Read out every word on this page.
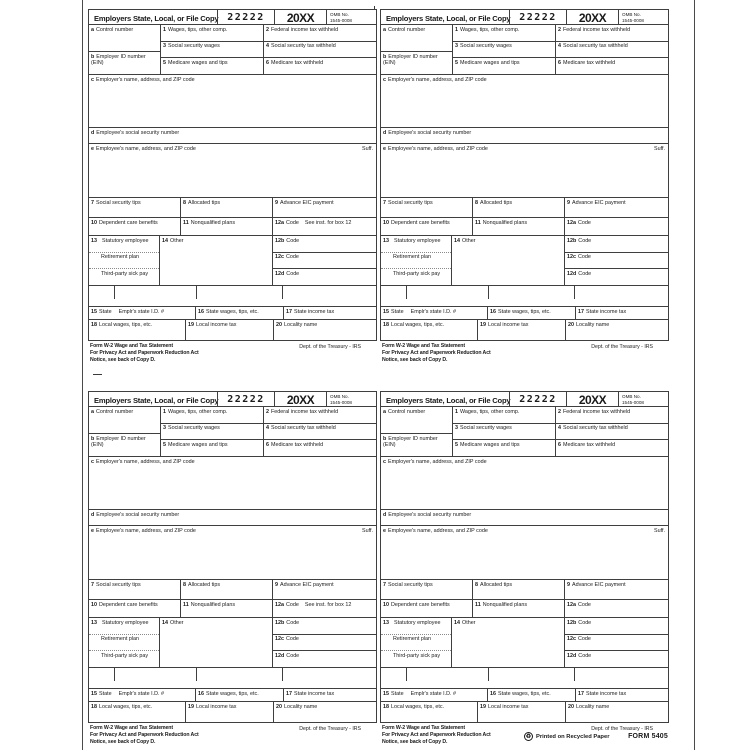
Employers State, Local, or File Copy 22222	20XX	OMB No.
1545-0008
a Control number
b Employer ID number (EIN)
1 Wages, tips, other comp.	2 Federal income tax withheld
3 Social security wages	4 Social security tax withheld
5 Medicare wages and tips	6 Medicare tax withheld
c Employer's name, address, and ZIP code
d Employee's social security number
e Employee's name, address, and ZIP code	Suff.
7 Social security tips	8 Allocated tips	9 Advance EIC payment
10 Dependent care benefits	11 Nonqualified plans	12a Code See inst. for box 12
13 Statutory employee
Retirement plan
Third-party sick pay
14 Other	12b Code
12c Code
12d Code
15 State Emplr's state I.D. #	16 State wages, tips, etc.	17 State income tax
18 Local wages, tips, etc.	19 Local income tax	20 Locality name
Form W-2 Wage and Tax Statement
For Privacy Act and Paperwork Reduction Act
Notice, see back of Copy D.
Dept. of the Treasury - IRS
Employers State, Local, or File Copy 22222	20XX	OMB No.
1545-0008
a Control number
b Employer ID number (EIN)
1 Wages, tips, other comp.	2 Federal income tax withheld
3 Social security wages	4 Social security tax withheld
5 Medicare wages and tips	6 Medicare tax withheld
c Employer's name, address, and ZIP code
d Employee's social security number
e Employee's name, address, and ZIP code	Suff.
7 Social security tips	8 Allocated tips	9 Advance EIC payment
10 Dependent care benefits	11 Nonqualified plans	12a Code
13 Statutory employee
Retirement plan
Third-party sick pay
14 Other	12b Code
12c Code
12d Code
15 State Emplr's state I.D. #	16 State wages, tips, etc.	17 State income tax
18 Local wages, tips, etc.	19 Local income tax	20 Locality name
Form W-2 Wage and Tax Statement
For Privacy Act and Paperwork Reduction Act
Notice, see back of Copy D.
Dept. of the Treasury - IRS
Employers State, Local, or File Copy 22222	20XX	OMB No.
1545-0008
a Control number
b Employer ID number (EIN)
1 Wages, tips, other comp.	2 Federal income tax withheld
3 Social security wages	4 Social security tax withheld
5 Medicare wages and tips	6 Medicare tax withheld
c Employer's name, address, and ZIP code
d Employee's social security number
e Employee's name, address, and ZIP code	Suff.
7 Social security tips	8 Allocated tips	9 Advance EIC payment
10 Dependent care benefits	11 Nonqualified plans	12a Code See inst. for box 12
13 Statutory employee
Retirement plan
Third-party sick pay
14 Other	12b Code
12c Code
12d Code
15 State Emplr's state I.D. #	16 State wages, tips, etc.	17 State income tax
18 Local wages, tips, etc.	19 Local income tax	20 Locality name
Form W-2 Wage and Tax Statement
For Privacy Act and Paperwork Reduction Act
Notice, see back of Copy D.
Dept. of the Treasury - IRS
Employers State, Local, or File Copy 22222	20XX	OMB No.
1545-0008
a Control number
b Employer ID number (EIN)
1 Wages, tips, other comp.	2 Federal income tax withheld
3 Social security wages	4 Social security tax withheld
5 Medicare wages and tips	6 Medicare tax withheld
c Employer's name, address, and ZIP code
d Employee's social security number
e Employee's name, address, and ZIP code	Suff.
7 Social security tips	8 Allocated tips	9 Advance EIC payment
10 Dependent care benefits	11 Nonqualified plans	12a Code
13 Statutory employee
Retirement plan
Third-party sick pay
14 Other	12b Code
12c Code
12d Code
15 State Emplr's state I.D. #	16 State wages, tips, etc.	17 State income tax
18 Local wages, tips, etc.	19 Local income tax	20 Locality name
Form W-2 Wage and Tax Statement
For Privacy Act and Paperwork Reduction Act
Notice, see back of Copy D.
Dept. of the Treasury - IRS
♻ Printed on Recycled Paper	FORM 5405
